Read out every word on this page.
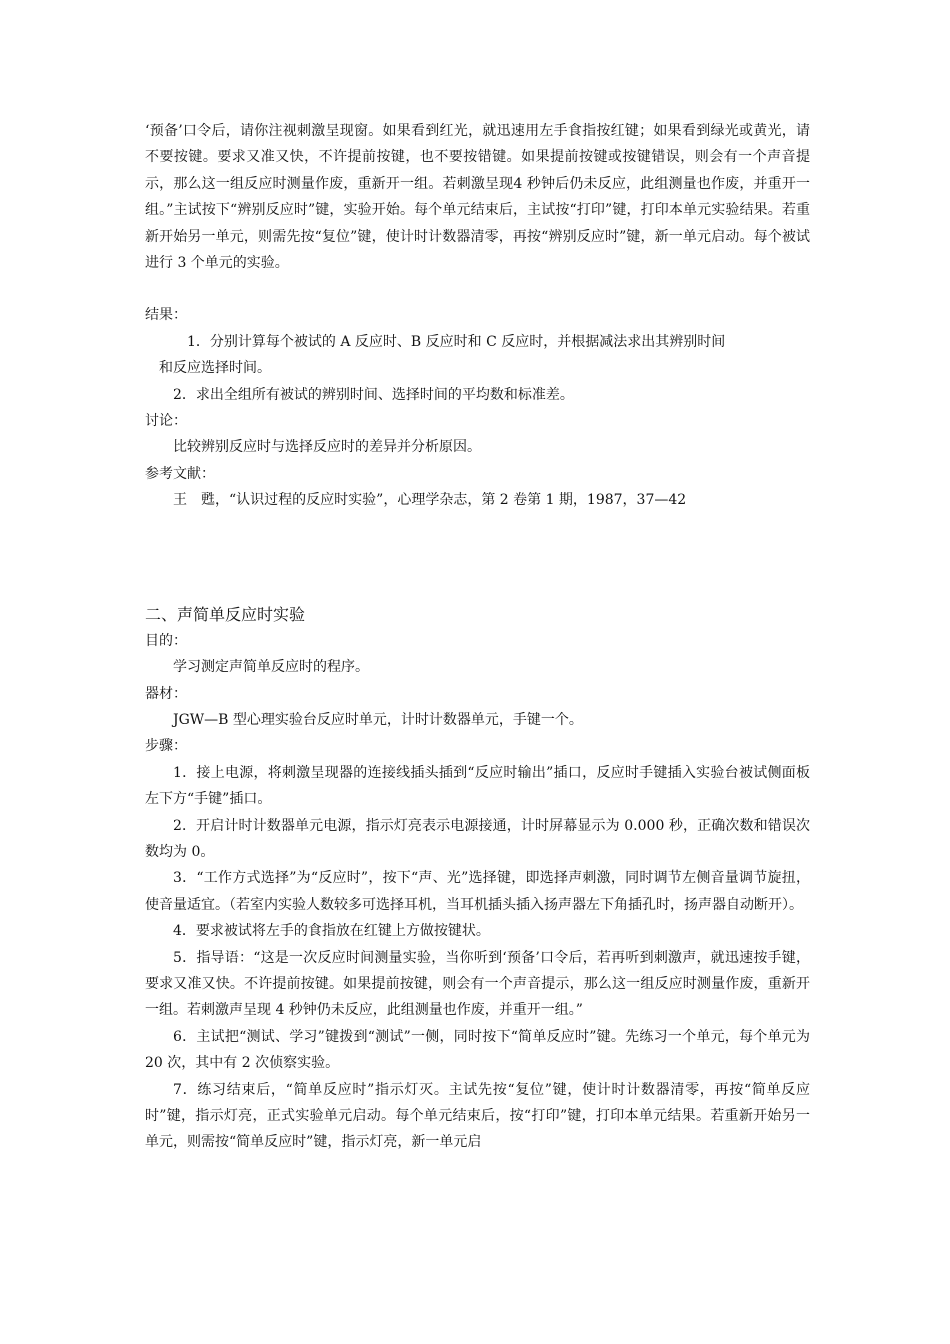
‘预备’口令后，请你注视刺激呈现窗。如果看到红光，就迅速用左手食指按红键；如果看到绿光或黄光，请不要按键。要求又准又快，不许提前按键，也不要按错键。如果提前按键或按键错误，则会有一个声音提示，那么这一组反应时测量作废，重新开一组。若刺激呈现4 秒钟后仍未反应，此组测量也作废，并重开一组。”主试按下“辨别反应时”键，实验开始。每个单元结束后，主试按“打印”键，打印本单元实验结果。若重新开始另一单元，则需先按“复位”键，使计时计数器清零，再按“辨别反应时”键，新一单元启动。每个被试进行 3 个单元的实验。

结果：

1．分别计算每个被试的 A 反应时、B 反应时和 C 反应时，并根据减法求出其辨别时间
和反应选择时间。

2．求出全组所有被试的辨别时间、选择时间的平均数和标准差。

讨论：

比较辨别反应时与选择反应时的差异并分析原因。

参考文献：

王　甦，“认识过程的反应时实验”，心理学杂志，第 2 卷第 1 期，1987，37—42

二、声简单反应时实验

目的：

学习测定声简单反应时的程序。

器材：

JGW—B 型心理实验台反应时单元，计时计数器单元，手键一个。

步骤：

1．接上电源，将刺激呈现器的连接线插头插到“反应时输出”插口，反应时手键插入实验台被试侧面板左下方“手键”插口。

2．开启计时计数器单元电源，指示灯亮表示电源接通，计时屏幕显示为 0.000 秒，正确次数和错误次数均为 0。

3．“工作方式选择”为“反应时”，按下“声、光”选择键，即选择声刺激，同时调节左侧音量调节旋扭，使音量适宜。（若室内实验人数较多可选择耳机，当耳机插头插入扬声器左下角插孔时，扬声器自动断开）。

4．要求被试将左手的食指放在红键上方做按键状。

5．指导语：“这是一次反应时间测量实验，当你听到‘预备’口令后，若再听到刺激声，就迅速按手键，要求又准又快。不许提前按键。如果提前按键，则会有一个声音提示，那么这一组反应时测量作废，重新开一组。若刺激声呈现 4 秒钟仍未反应，此组测量也作废，并重开一组。”

6．主试把“测试、学习”键拨到“测试”一侧，同时按下“简单反应时”键。先练习一个单元，每个单元为 20 次，其中有 2 次侦察实验。

7．练习结束后，“简单反应时”指示灯灭。主试先按“复位”键，使计时计数器清零，再按“简单反应时”键，指示灯亮，正式实验单元启动。每个单元结束后，按“打印”键，打印本单元结果。若重新开始另一单元，则需按“简单反应时”键，指示灯亮，新一单元启
